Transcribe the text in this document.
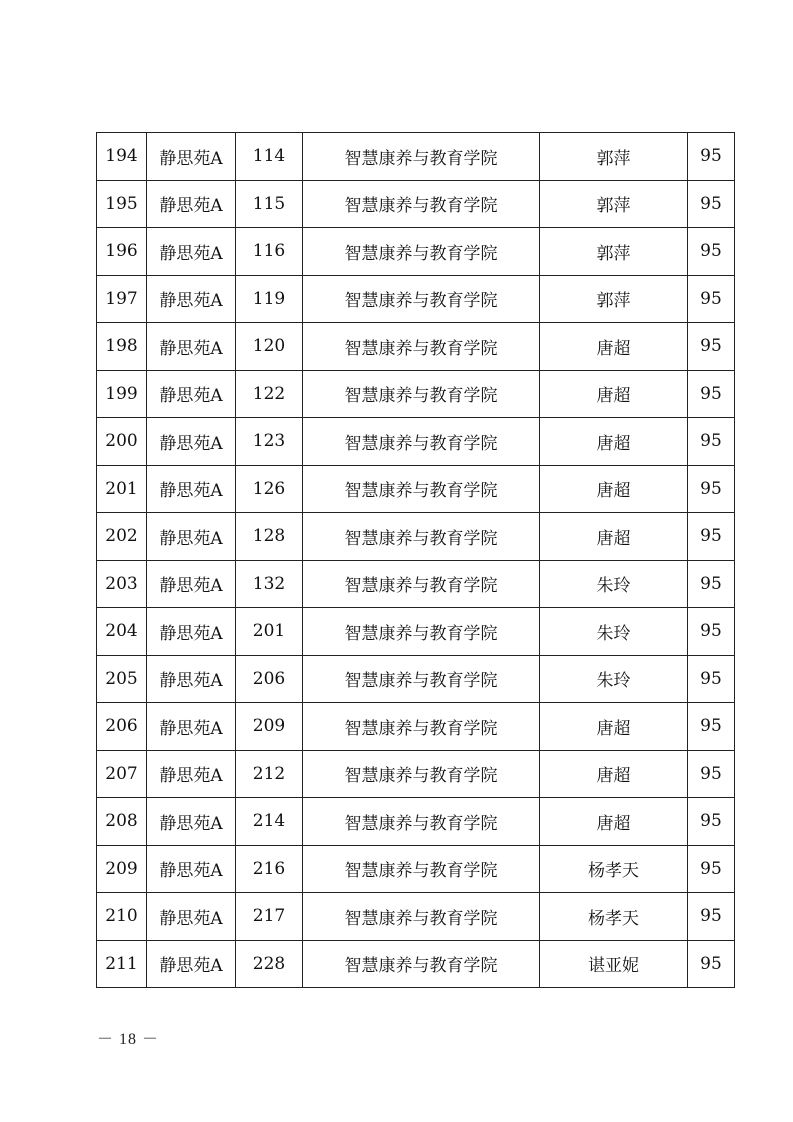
194	静思苑A	114	智慧康养与教育学院	郭萍	95
195	静思苑A	115	智慧康养与教育学院	郭萍	95
196	静思苑A	116	智慧康养与教育学院	郭萍	95
197	静思苑A	119	智慧康养与教育学院	郭萍	95
198	静思苑A	120	智慧康养与教育学院	唐超	95
199	静思苑A	122	智慧康养与教育学院	唐超	95
200	静思苑A	123	智慧康养与教育学院	唐超	95
201	静思苑A	126	智慧康养与教育学院	唐超	95
202	静思苑A	128	智慧康养与教育学院	唐超	95
203	静思苑A	132	智慧康养与教育学院	朱玲	95
204	静思苑A	201	智慧康养与教育学院	朱玲	95
205	静思苑A	206	智慧康养与教育学院	朱玲	95
206	静思苑A	209	智慧康养与教育学院	唐超	95
207	静思苑A	212	智慧康养与教育学院	唐超	95
208	静思苑A	214	智慧康养与教育学院	唐超	95
209	静思苑A	216	智慧康养与教育学院	杨孝天	95
210	静思苑A	217	智慧康养与教育学院	杨孝天	95
211	静思苑A	228	智慧康养与教育学院	谌亚妮	95
－ 18 －
